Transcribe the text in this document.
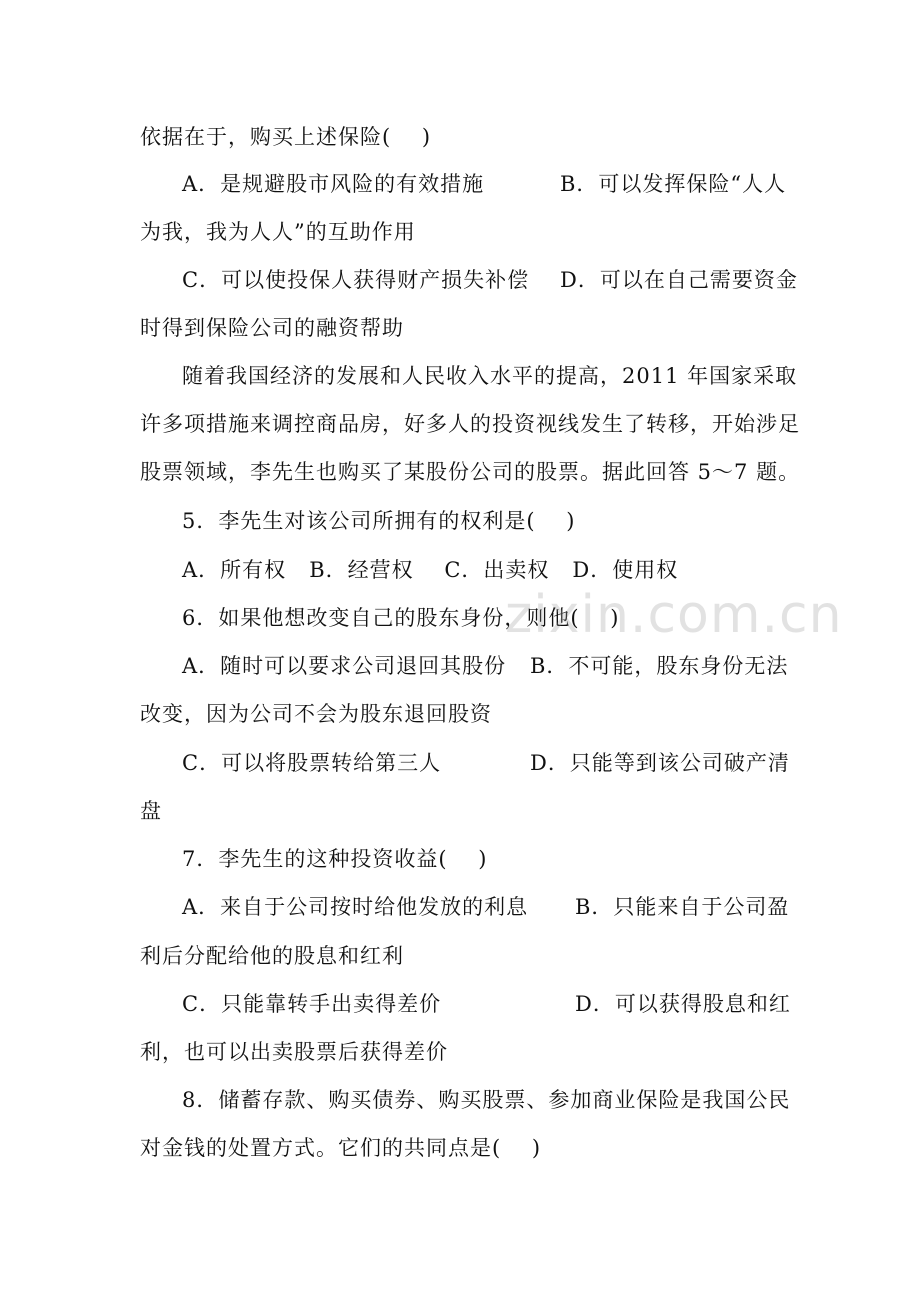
依据在于，购买上述保险(    )
A．是规避股市风险的有效措施	B．可以发挥保险“人人
为我，我为人人”的互助作用
C．可以使投保人获得财产损失补偿 D．可以在自己需要资金
时得到保险公司的融资帮助
随着我国经济的发展和人民收入水平的提高，2011 年国家采取
许多项措施来调控商品房，好多人的投资视线发生了转移，开始涉足
股票领域，李先生也购买了某股份公司的股票。据此回答 5～7 题。
5．李先生对该公司所拥有的权利是(    )
A．所有权   B．经营权    C．出卖权   D．使用权
6．如果他想改变自己的股东身份，则他(    )
A．随时可以要求公司退回其股份 B．不可能，股东身份无法
改变，因为公司不会为股东退回股资
C．可以将股票转给第三人	D．只能等到该公司破产清
盘
7．李先生的这种投资收益(    )
A．来自于公司按时给他发放的利息 B．只能来自于公司盈
利后分配给他的股息和红利
C．只能靠转手出卖得差价	D．可以获得股息和红
利，也可以出卖股票后获得差价
8．储蓄存款、购买债券、购买股票、参加商业保险是我国公民
对金钱的处置方式。它们的共同点是(    )
zixin.com.cn
